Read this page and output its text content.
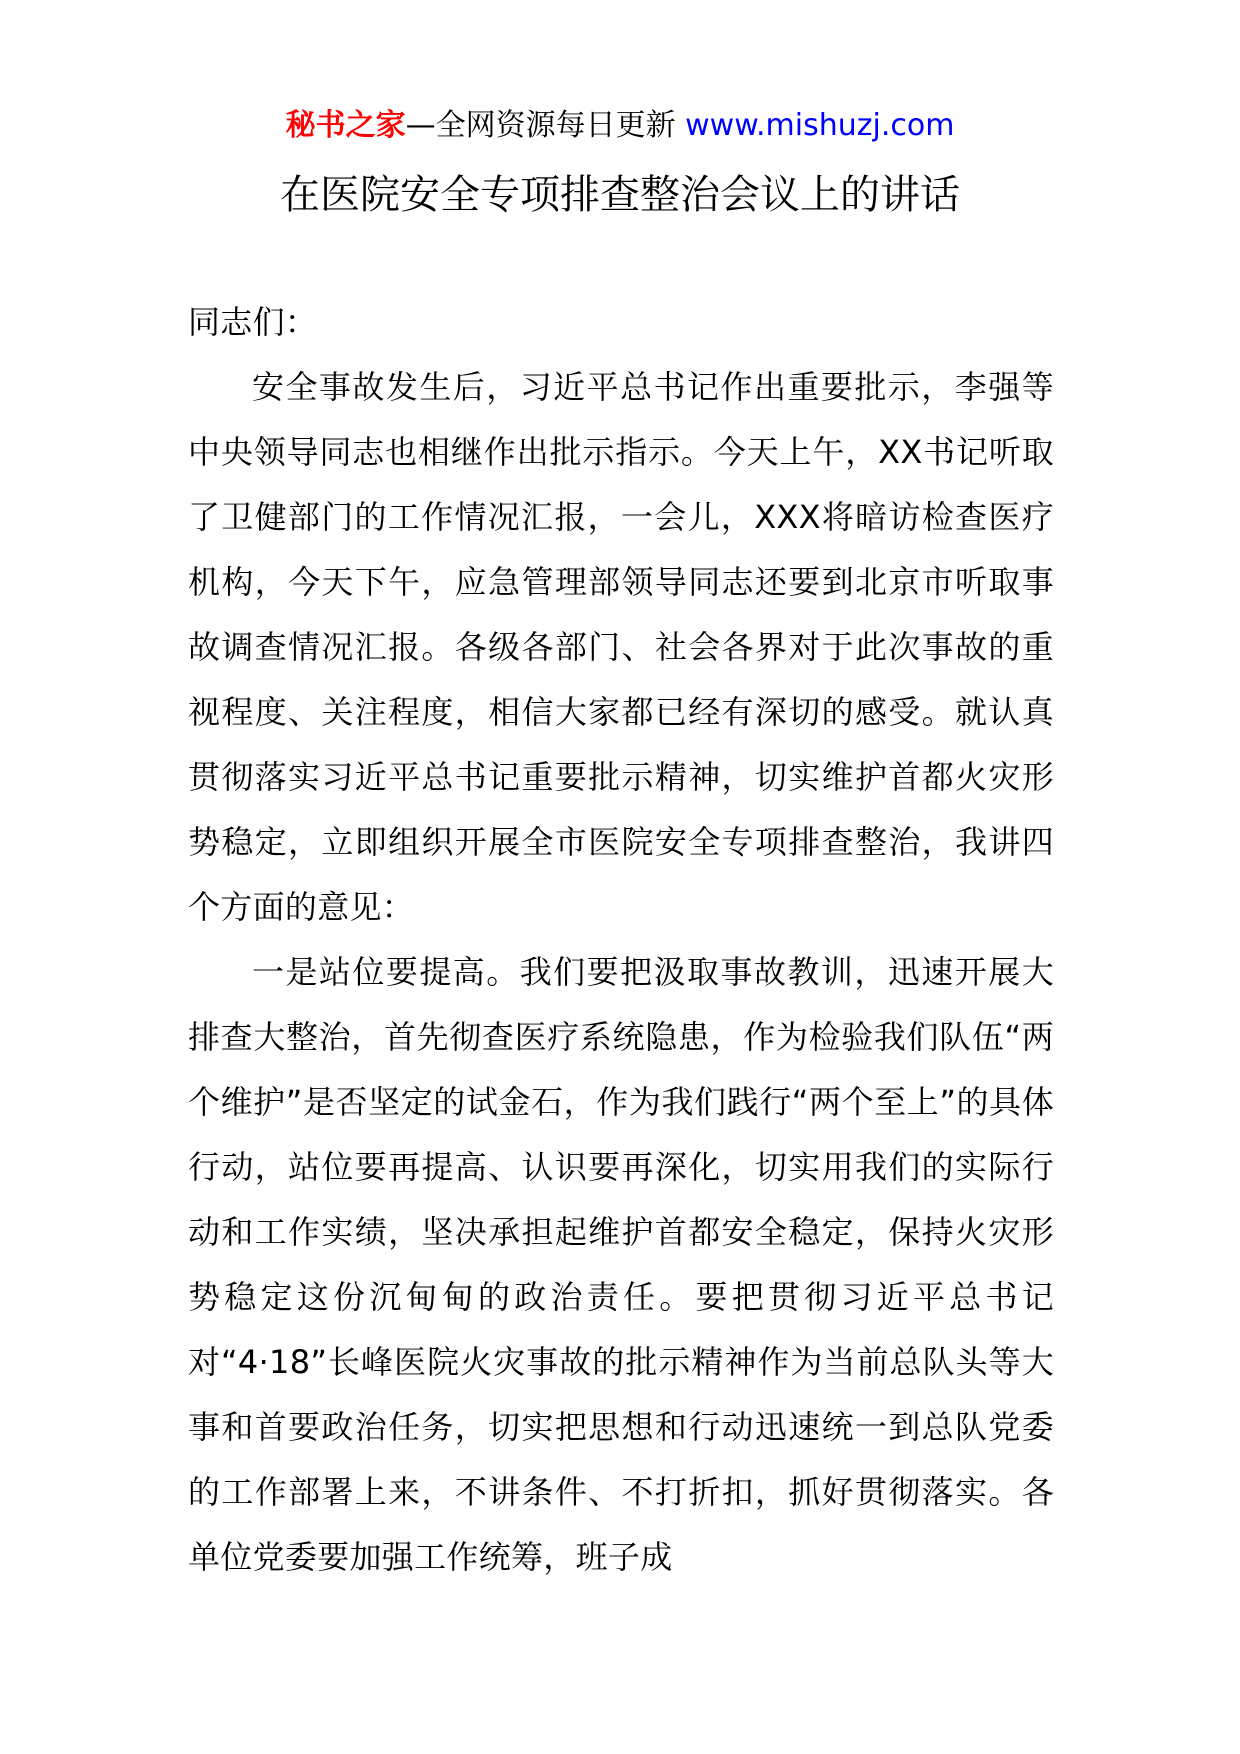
秘书之家—全网资源每日更新 www.mishuzj.com
在医院安全专项排查整治会议上的讲话

同志们：

安全事故发生后，习近平总书记作出重要批示，李强等中央领导同志也相继作出批示指示。今天上午，XX书记听取了卫健部门的工作情况汇报，一会儿，XXX将暗访检查医疗机构，今天下午，应急管理部领导同志还要到北京市听取事故调查情况汇报。各级各部门、社会各界对于此次事故的重视程度、关注程度，相信大家都已经有深切的感受。就认真贯彻落实习近平总书记重要批示精神，切实维护首都火灾形势稳定，立即组织开展全市医院安全专项排查整治，我讲四个方面的意见：

一是站位要提高。我们要把汲取事故教训，迅速开展大排查大整治，首先彻查医疗系统隐患，作为检验我们队伍“两个维护”是否坚定的试金石，作为我们践行“两个至上”的具体行动，站位要再提高、认识要再深化，切实用我们的实际行动和工作实绩，坚决承担起维护首都安全稳定，保持火灾形势稳定这份沉甸甸的政治责任。要把贯彻习近平总书记对“4·18”长峰医院火灾事故的批示精神作为当前总队头等大事和首要政治任务，切实把思想和行动迅速统一到总队党委的工作部署上来，不讲条件、不打折扣，抓好贯彻落实。各单位党委要加强工作统筹，班子成
